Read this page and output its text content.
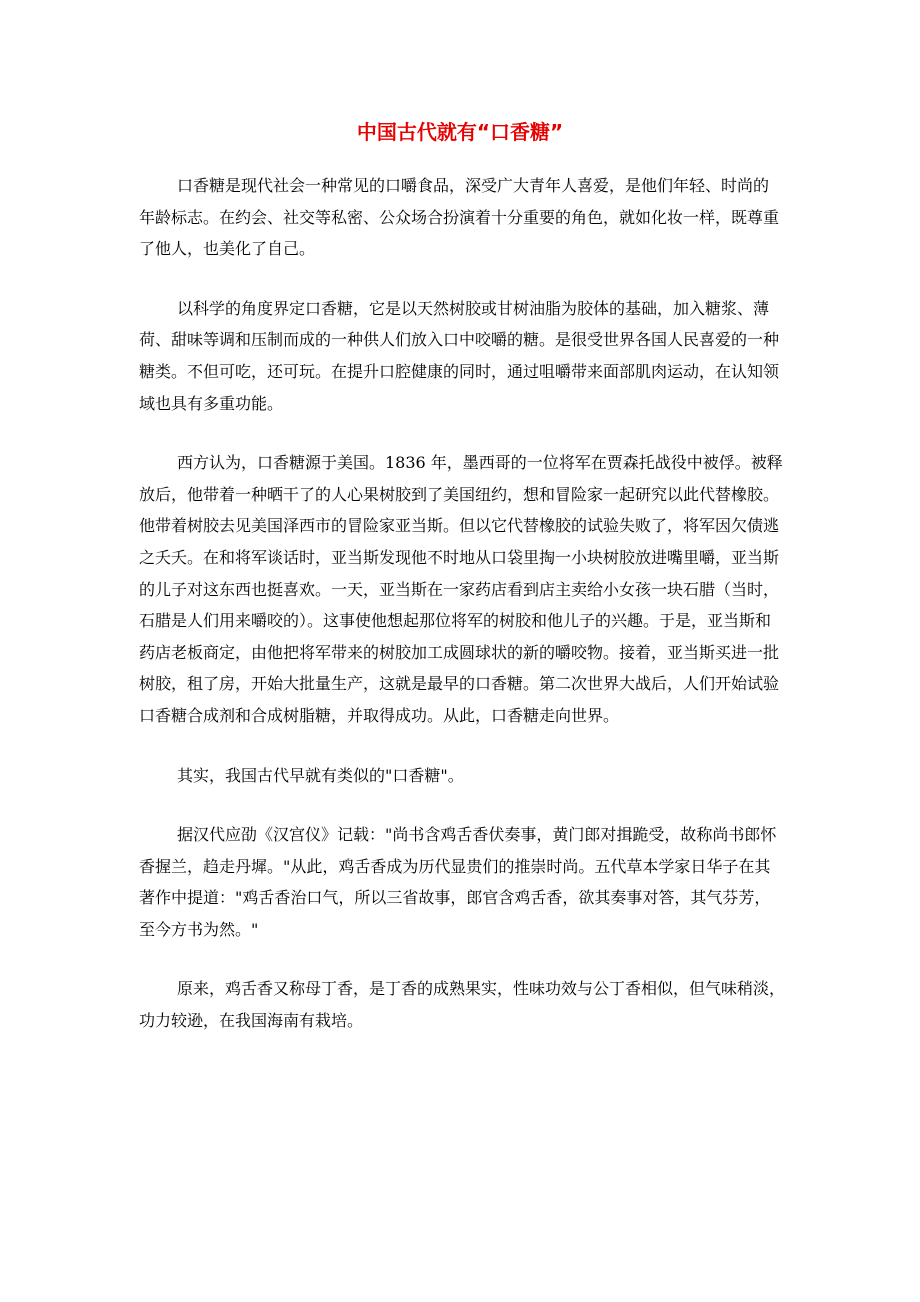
中国古代就有“口香糖”

口香糖是现代社会一种常见的口嚼食品，深受广大青年人喜爱，是他们年轻、时尚的
年龄标志。在约会、社交等私密、公众场合扮演着十分重要的角色，就如化妆一样，既尊重
了他人，也美化了自己。

以科学的角度界定口香糖，它是以天然树胶或甘树油脂为胶体的基础，加入糖浆、薄
荷、甜味等调和压制而成的一种供人们放入口中咬嚼的糖。是很受世界各国人民喜爱的一种
糖类。不但可吃，还可玩。在提升口腔健康的同时，通过咀嚼带来面部肌肉运动，在认知领
域也具有多重功能。

西方认为，口香糖源于美国。1836 年，墨西哥的一位将军在贾森托战役中被俘。被释
放后，他带着一种晒干了的人心果树胶到了美国纽约，想和冒险家一起研究以此代替橡胶。
他带着树胶去见美国泽西市的冒险家亚当斯。但以它代替橡胶的试验失败了，将军因欠债逃
之夭夭。在和将军谈话时，亚当斯发现他不时地从口袋里掏一小块树胶放进嘴里嚼，亚当斯
的儿子对这东西也挺喜欢。一天，亚当斯在一家药店看到店主卖给小女孩一块石腊（当时，
石腊是人们用来嚼咬的）。这事使他想起那位将军的树胶和他儿子的兴趣。于是，亚当斯和
药店老板商定，由他把将军带来的树胶加工成圆球状的新的嚼咬物。接着，亚当斯买进一批
树胶，租了房，开始大批量生产，这就是最早的口香糖。第二次世界大战后，人们开始试验
口香糖合成剂和合成树脂糖，并取得成功。从此，口香糖走向世界。

其实，我国古代早就有类似的"口香糖"。

据汉代应劭《汉宫仪》记载："尚书含鸡舌香伏奏事，黄门郎对揖跪受，故称尚书郎怀
香握兰，趋走丹墀。"从此，鸡舌香成为历代显贵们的推崇时尚。五代草本学家日华子在其
著作中提道："鸡舌香治口气，所以三省故事，郎官含鸡舌香，欲其奏事对答，其气芬芳，
至今方书为然。"

原来，鸡舌香又称母丁香，是丁香的成熟果实，性味功效与公丁香相似，但气味稍淡，
功力较逊，在我国海南有栽培。
